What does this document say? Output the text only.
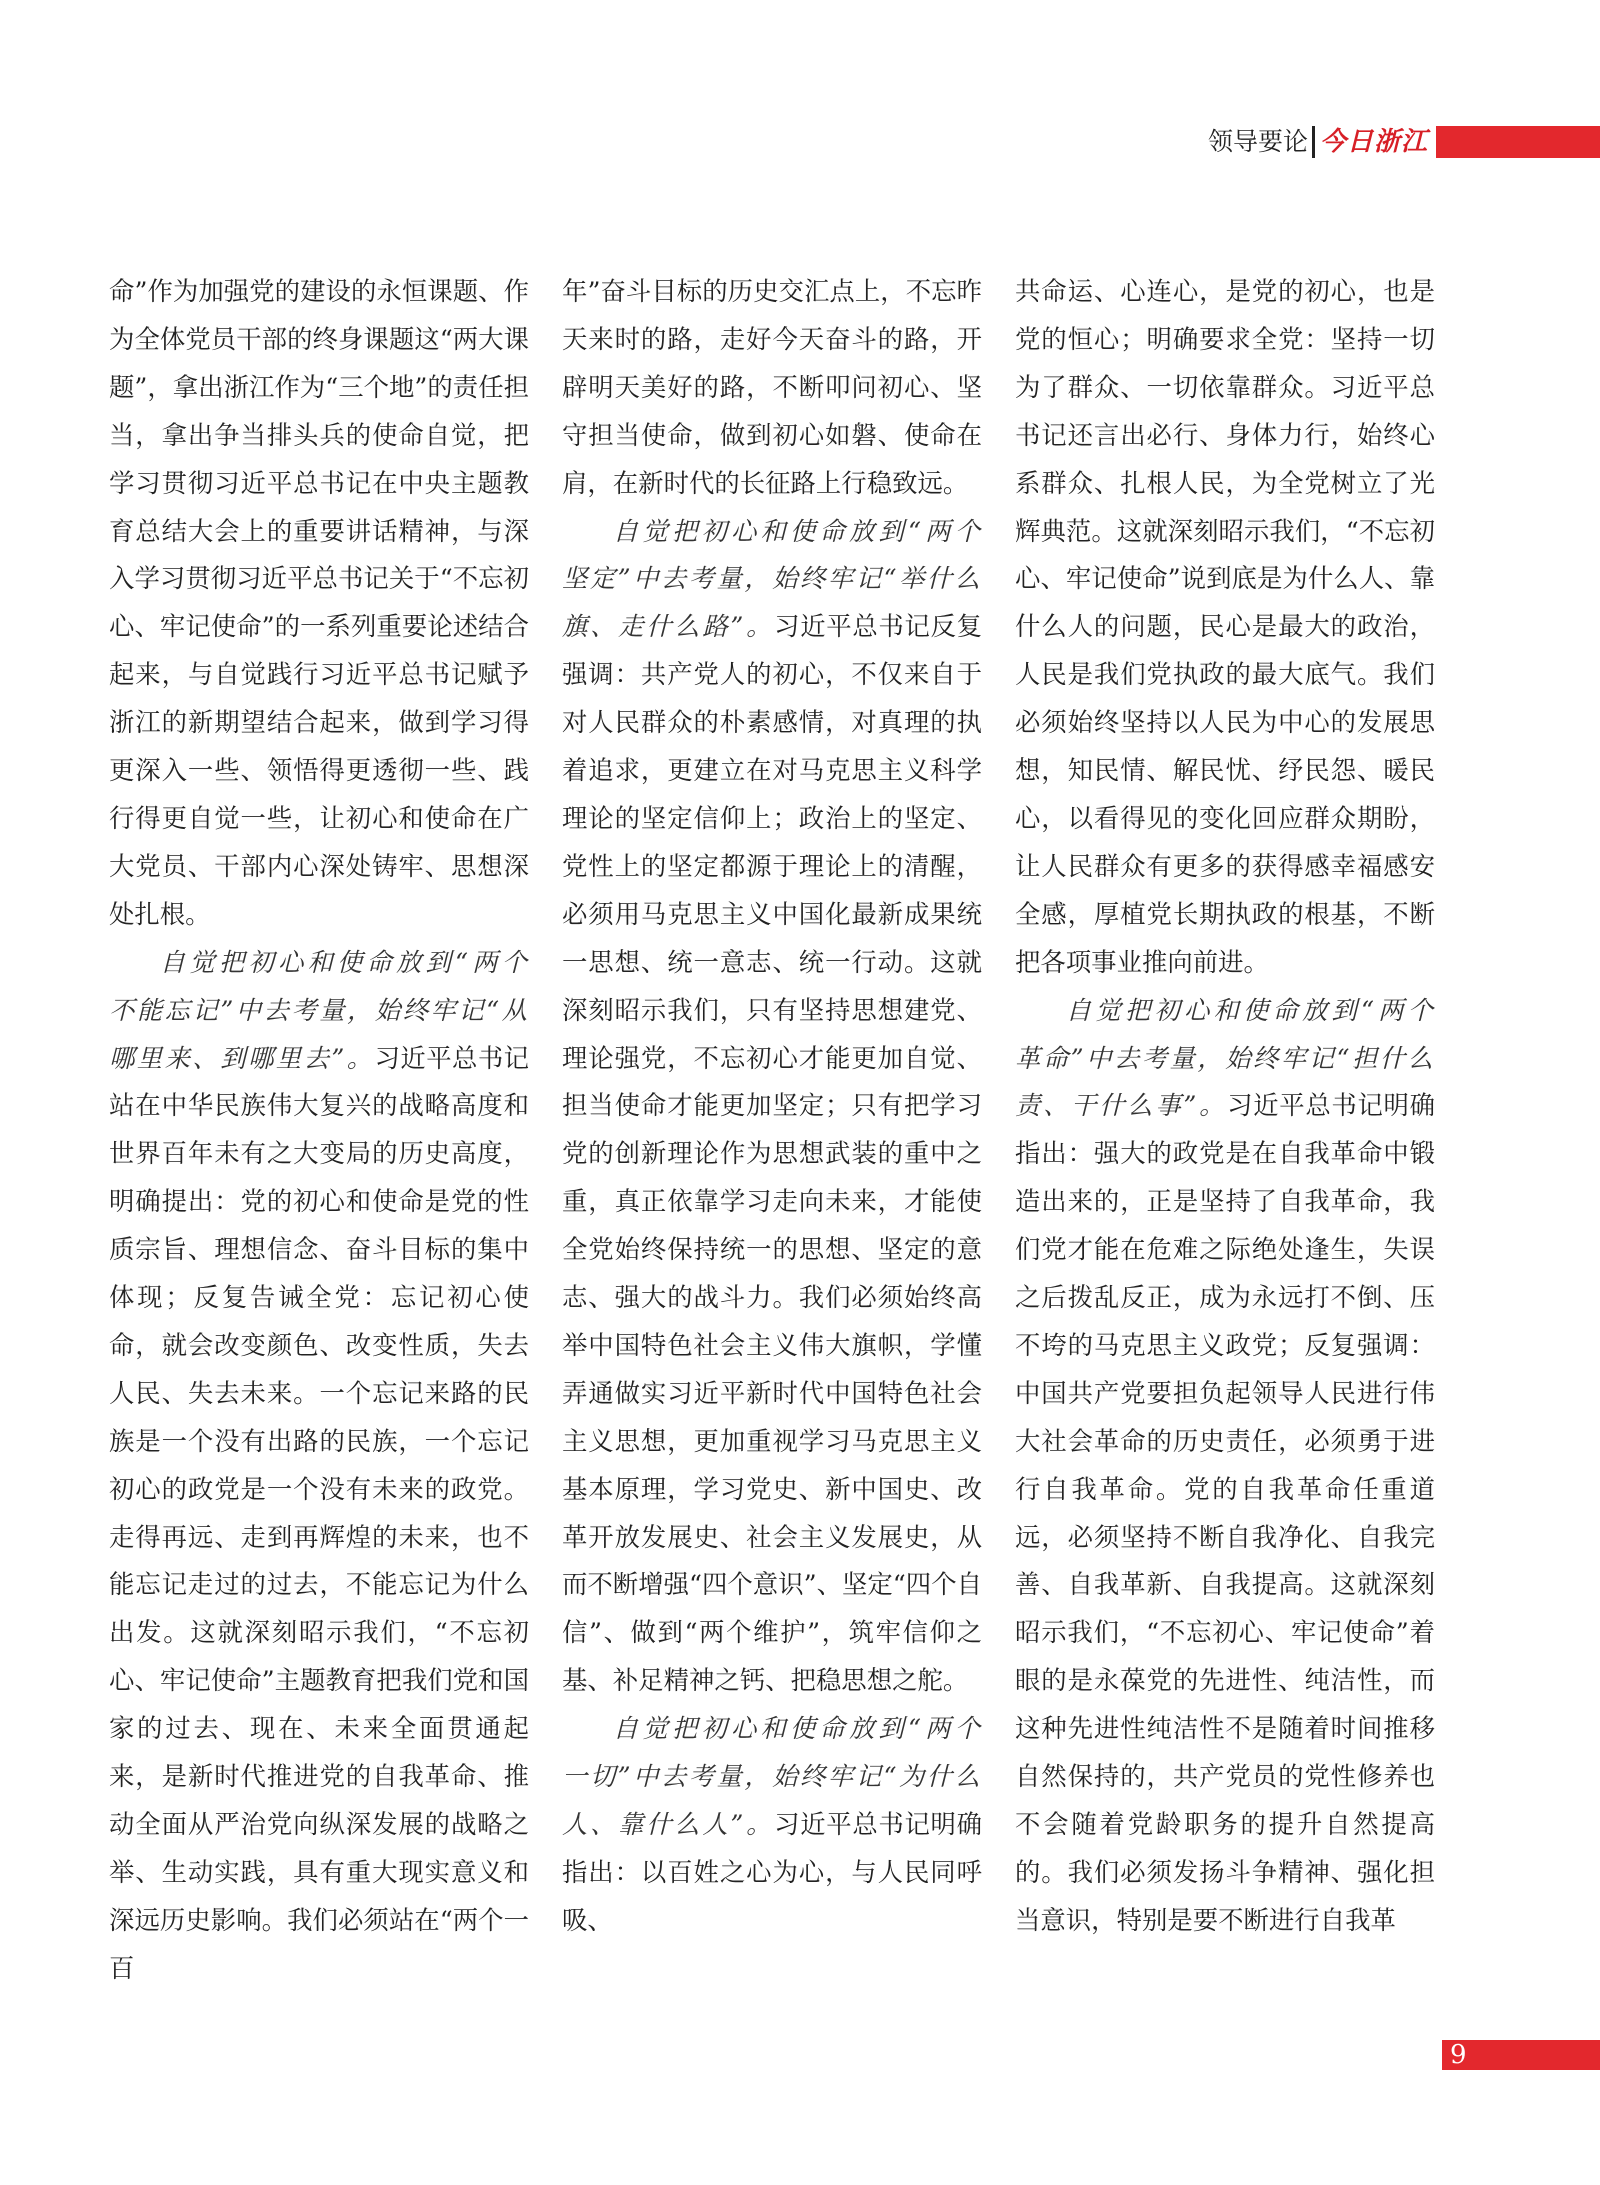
领导要论 今日浙江

命”作为加强党的建设的永恒课题、作为全体党员干部的终身课题这“两大课题”，拿出浙江作为“三个地”的责任担当，拿出争当排头兵的使命自觉，把学习贯彻习近平总书记在中央主题教育总结大会上的重要讲话精神，与深入学习贯彻习近平总书记关于“不忘初心、牢记使命”的一系列重要论述结合起来，与自觉践行习近平总书记赋予浙江的新期望结合起来，做到学习得更深入一些、领悟得更透彻一些、践行得更自觉一些，让初心和使命在广大党员、干部内心深处铸牢、思想深处扎根。

自觉把初心和使命放到“两个不能忘记”中去考量，始终牢记“从哪里来、到哪里去”。习近平总书记站在中华民族伟大复兴的战略高度和世界百年未有之大变局的历史高度，明确提出：党的初心和使命是党的性质宗旨、理想信念、奋斗目标的集中体现；反复告诫全党：忘记初心使命，就会改变颜色、改变性质，失去人民、失去未来。一个忘记来路的民族是一个没有出路的民族，一个忘记初心的政党是一个没有未来的政党。走得再远、走到再辉煌的未来，也不能忘记走过的过去，不能忘记为什么出发。这就深刻昭示我们，“不忘初心、牢记使命”主题教育把我们党和国家的过去、现在、未来全面贯通起来，是新时代推进党的自我革命、推动全面从严治党向纵深发展的战略之举、生动实践，具有重大现实意义和深远历史影响。我们必须站在“两个一百

年”奋斗目标的历史交汇点上，不忘昨天来时的路，走好今天奋斗的路，开辟明天美好的路，不断叩问初心、坚守担当使命，做到初心如磐、使命在肩，在新时代的长征路上行稳致远。

自觉把初心和使命放到“两个坚定”中去考量，始终牢记“举什么旗、走什么路”。习近平总书记反复强调：共产党人的初心，不仅来自于对人民群众的朴素感情，对真理的执着追求，更建立在对马克思主义科学理论的坚定信仰上；政治上的坚定、党性上的坚定都源于理论上的清醒，必须用马克思主义中国化最新成果统一思想、统一意志、统一行动。这就深刻昭示我们，只有坚持思想建党、理论强党，不忘初心才能更加自觉、担当使命才能更加坚定；只有把学习党的创新理论作为思想武装的重中之重，真正依靠学习走向未来，才能使全党始终保持统一的思想、坚定的意志、强大的战斗力。我们必须始终高举中国特色社会主义伟大旗帜，学懂弄通做实习近平新时代中国特色社会主义思想，更加重视学习马克思主义基本原理，学习党史、新中国史、改革开放发展史、社会主义发展史，从而不断增强“四个意识”、坚定“四个自信”、做到“两个维护”，筑牢信仰之基、补足精神之钙、把稳思想之舵。

自觉把初心和使命放到“两个一切”中去考量，始终牢记“为什么人、靠什么人”。习近平总书记明确指出：以百姓之心为心，与人民同呼吸、

共命运、心连心，是党的初心，也是党的恒心；明确要求全党：坚持一切为了群众、一切依靠群众。习近平总书记还言出必行、身体力行，始终心系群众、扎根人民，为全党树立了光辉典范。这就深刻昭示我们，“不忘初心、牢记使命”说到底是为什么人、靠什么人的问题，民心是最大的政治，人民是我们党执政的最大底气。我们必须始终坚持以人民为中心的发展思想，知民情、解民忧、纾民怨、暖民心，以看得见的变化回应群众期盼，让人民群众有更多的获得感幸福感安全感，厚植党长期执政的根基，不断把各项事业推向前进。

自觉把初心和使命放到“两个革命”中去考量，始终牢记“担什么责、干什么事”。习近平总书记明确指出：强大的政党是在自我革命中锻造出来的，正是坚持了自我革命，我们党才能在危难之际绝处逢生，失误之后拨乱反正，成为永远打不倒、压不垮的马克思主义政党；反复强调：中国共产党要担负起领导人民进行伟大社会革命的历史责任，必须勇于进行自我革命。党的自我革命任重道远，必须坚持不断自我净化、自我完善、自我革新、自我提高。这就深刻昭示我们，“不忘初心、牢记使命”着眼的是永葆党的先进性、纯洁性，而这种先进性纯洁性不是随着时间推移自然保持的，共产党员的党性修养也不会随着党龄职务的提升自然提高的。我们必须发扬斗争精神、强化担当意识，特别是要不断进行自我革

9
